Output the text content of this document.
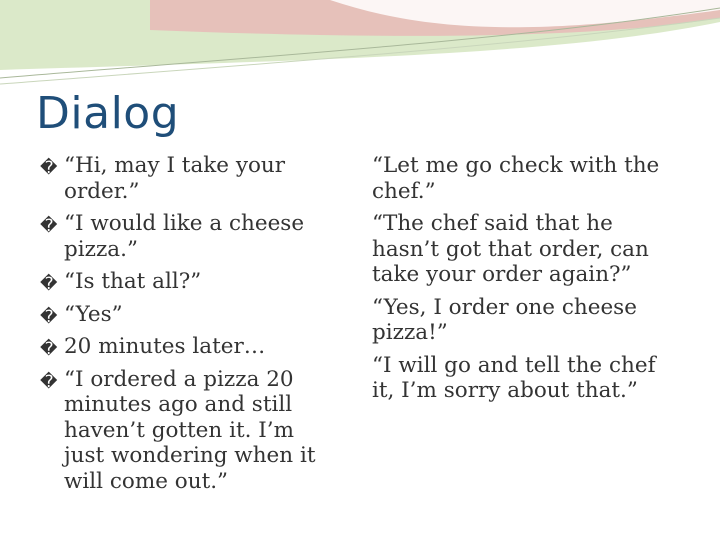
Dialog
� “Hi, may I take your order.”
� “I would like a cheese pizza.”
� “Is that all?”
� “Yes”
� 20 minutes later…
� “I ordered a pizza 20 minutes ago and still haven’t gotten it. I’m just wondering when it will come out.”
“Let me go check with the chef.”
“The chef said that he hasn’t got that order, can take your order again?”
“Yes, I order one cheese pizza!”
“I will go and tell the chef it, I’m sorry about that.”
